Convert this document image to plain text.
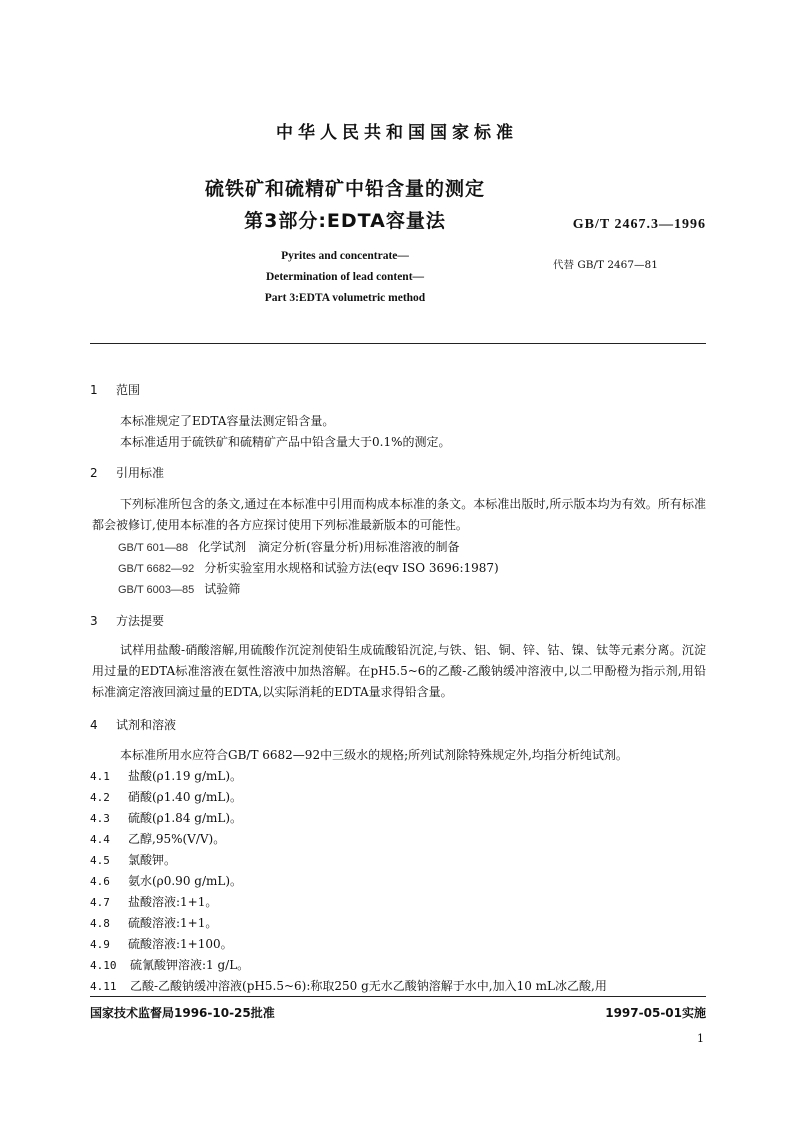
中华人民共和国国家标准
硫铁矿和硫精矿中铅含量的测定
第3部分:EDTA容量法	GB/T 2467.3—1996
Pyrites and concentrate—
Determination of lead content—
Part 3:EDTA volumetric method
代替 GB/T 2467—81
1 范围
本标准规定了EDTA容量法测定铅含量。
本标准适用于硫铁矿和硫精矿产品中铅含量大于0.1%的测定。
2 引用标准
下列标准所包含的条文,通过在本标准中引用而构成本标准的条文。本标准出版时,所示版本均为有效。所有标准都会被修订,使用本标准的各方应探讨使用下列标准最新版本的可能性。
GB/T 601—88 化学试剂　滴定分析(容量分析)用标准溶液的制备
GB/T 6682—92 分析实验室用水规格和试验方法(eqv ISO 3696:1987)
GB/T 6003—85 试验筛
3 方法提要
试样用盐酸-硝酸溶解,用硫酸作沉淀剂使铅生成硫酸铅沉淀,与铁、铝、铜、锌、钴、镍、钛等元素分离。沉淀用过量的EDTA标准溶液在氨性溶液中加热溶解。在pH5.5~6的乙酸-乙酸钠缓冲溶液中,以二甲酚橙为指示剂,用铅标准滴定溶液回滴过量的EDTA,以实际消耗的EDTA量求得铅含量。
4 试剂和溶液
本标准所用水应符合GB/T 6682—92中三级水的规格;所列试剂除特殊规定外,均指分析纯试剂。
4.1 盐酸(ρ1.19 g/mL)。
4.2 硝酸(ρ1.40 g/mL)。
4.3 硫酸(ρ1.84 g/mL)。
4.4 乙醇,95%(V/V)。
4.5 氯酸钾。
4.6 氨水(ρ0.90 g/mL)。
4.7 盐酸溶液:1+1。
4.8 硫酸溶液:1+1。
4.9 硫酸溶液:1+100。
4.10 硫氰酸钾溶液:1 g/L。
4.11 乙酸-乙酸钠缓冲溶液(pH5.5~6):称取250 g无水乙酸钠溶解于水中,加入10 mL冰乙酸,用
国家技术监督局1996-10-25批准	1997-05-01实施
1
